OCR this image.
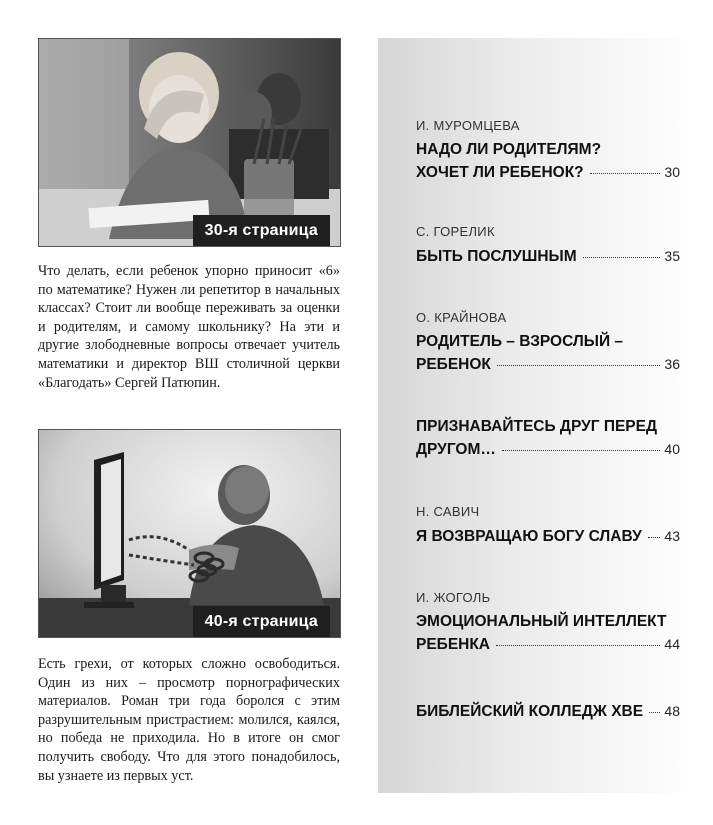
30-я страница

Что делать, если ребенок упорно приносит «6» по математике? Нужен ли репетитор в начальных классах? Стоит ли вообще переживать за оценки и родителям, и самому школьнику? На эти и другие злободневные вопросы отвечает учитель математики и директор ВШ столичной церкви «Благодать» Сергей Патюпин.

40-я страница

Есть грехи, от которых сложно освободиться. Один из них – просмотр порнографических материалов. Роман три года боролся с этим разрушительным пристрастием: молился, каялся, но победа не приходила. Но в итоге он смог получить свободу. Что для этого понадобилось, вы узнаете из первых уст.

И. МУРОМЦЕВА
НАДО ЛИ РОДИТЕЛЯМ?
ХОЧЕТ ЛИ РЕБЕНОК?	30
С. ГОРЕЛИК
БЫТЬ ПОСЛУШНЫМ	35
О. КРАЙНОВА
РОДИТЕЛЬ – ВЗРОСЛЫЙ –
РЕБЕНОК	36
ПРИЗНАВАЙТЕСЬ ДРУГ ПЕРЕД
ДРУГОМ…	40
Н. САВИЧ
Я ВОЗВРАЩАЮ БОГУ СЛАВУ 43
И. ЖОГОЛЬ
ЭМОЦИОНАЛЬНЫЙ ИНТЕЛЛЕКТ
РЕБЕНКА	44
БИБЛЕЙСКИЙ КОЛЛЕДЖ ХВЕ 48
